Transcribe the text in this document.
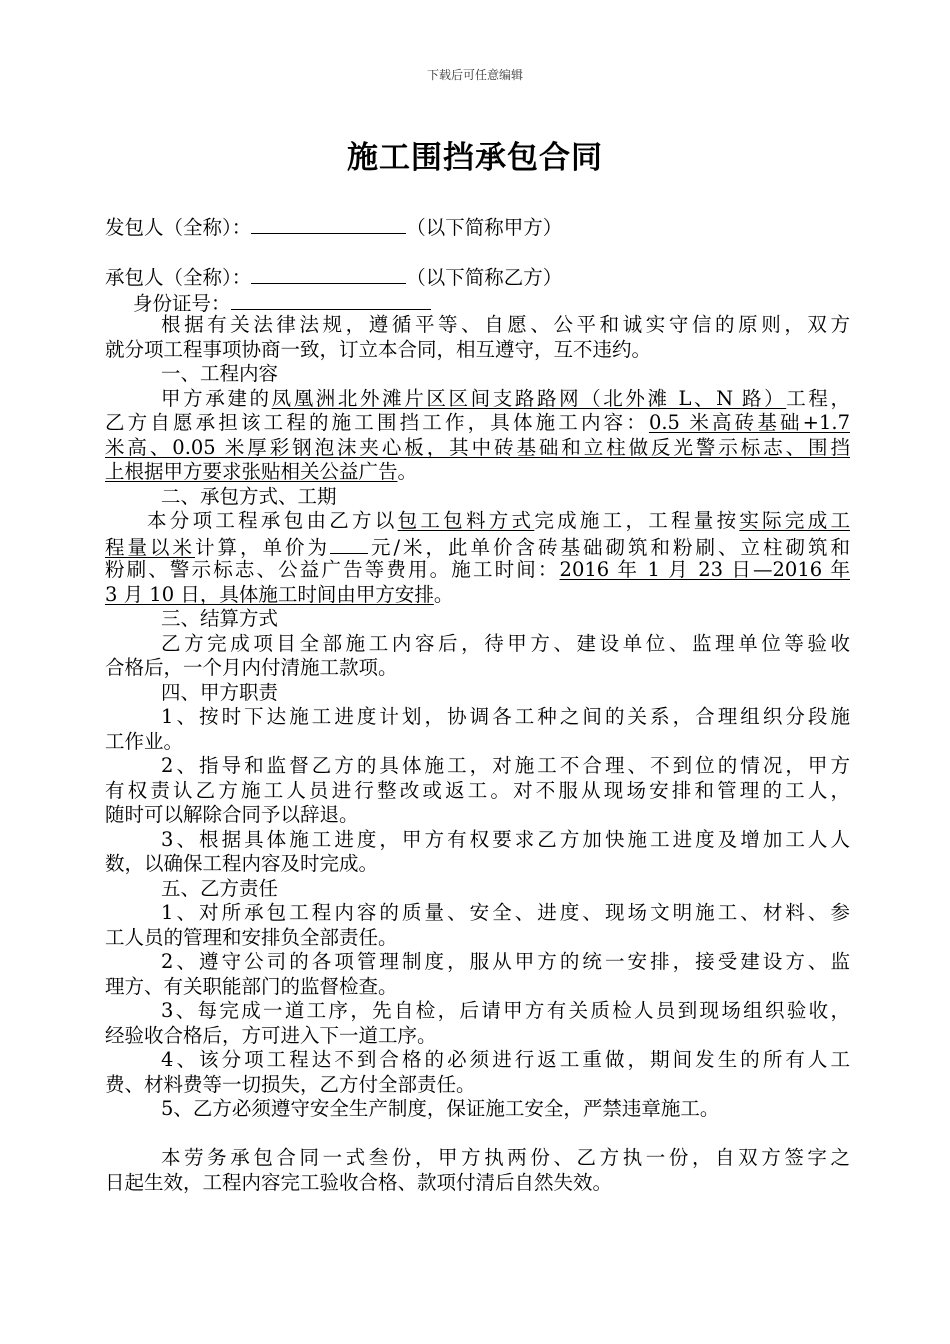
下载后可任意编辑
施工围挡承包合同
发包人（全称）：	（以下简称甲方）
承包人（全称）：	（以下简称乙方）
身份证号：
根据有关法律法规，遵循平等、自愿、公平和诚实守信的原则，双方
就分项工程事项协商一致，订立本合同，相互遵守，互不违约。
一、工程内容
甲方承建的凤凰洲北外滩片区区间支路路网（北外滩 L、N 路）工程，
乙方自愿承担该工程的施工围挡工作，具体施工内容：0.5 米高砖基础+1.7
米高、0.05 米厚彩钢泡沫夹心板，其中砖基础和立柱做反光警示标志、围挡
上根据甲方要求张贴相关公益广告。
二、承包方式、工期
本分项工程承包由乙方以包工包料方式完成施工，工程量按实际完成工
程量以米计算，单价为 元/米，此单价含砖基础砌筑和粉刷、立柱砌筑和
粉刷、警示标志、公益广告等费用。施工时间：2016 年 1 月 23 日—2016 年
3 月 10 日，具体施工时间由甲方安排。
三、结算方式
乙方完成项目全部施工内容后，待甲方、建设单位、监理单位等验收
合格后，一个月内付清施工款项。
四、甲方职责
1、按时下达施工进度计划，协调各工种之间的关系，合理组织分段施
工作业。
2、指导和监督乙方的具体施工，对施工不合理、不到位的情况，甲方
有权责认乙方施工人员进行整改或返工。对不服从现场安排和管理的工人，
随时可以解除合同予以辞退。
3、根据具体施工进度，甲方有权要求乙方加快施工进度及增加工人人
数，以确保工程内容及时完成。
五、乙方责任
1、对所承包工程内容的质量、安全、进度、现场文明施工、材料、参
工人员的管理和安排负全部责任。
2、遵守公司的各项管理制度，服从甲方的统一安排，接受建设方、监
理方、有关职能部门的监督检查。
3、每完成一道工序，先自检，后请甲方有关质检人员到现场组织验收，
经验收合格后，方可进入下一道工序。
4、该分项工程达不到合格的必须进行返工重做，期间发生的所有人工
费、材料费等一切损失，乙方付全部责任。
5、乙方必须遵守安全生产制度，保证施工安全，严禁违章施工。
本劳务承包合同一式叁份，甲方执两份、乙方执一份，自双方签字之
日起生效，工程内容完工验收合格、款项付清后自然失效。
